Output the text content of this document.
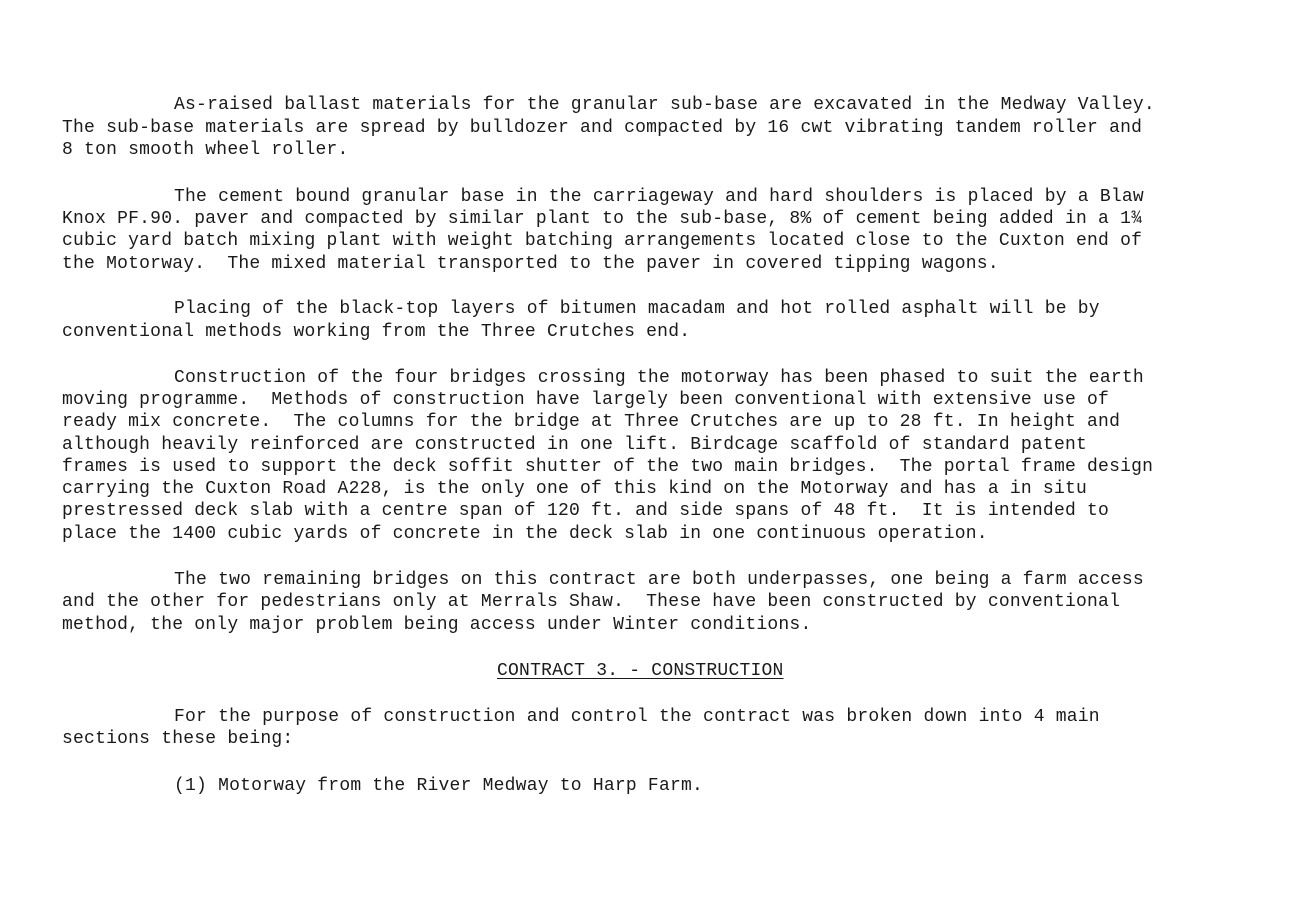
As-raised ballast materials for the granular sub-base are excavated in the Medway Valley.
The sub-base materials are spread by bulldozer and compacted by 16 cwt vibrating tandem roller and
8 ton smooth wheel roller.
The cement bound granular base in the carriageway and hard shoulders is placed by a Blaw
Knox PF.90. paver and compacted by similar plant to the sub-base, 8% of cement being added in a 1¾
cubic yard batch mixing plant with weight batching arrangements located close to the Cuxton end of
the Motorway.  The mixed material transported to the paver in covered tipping wagons.
Placing of the black-top layers of bitumen macadam and hot rolled asphalt will be by
conventional methods working from the Three Crutches end.
Construction of the four bridges crossing the motorway has been phased to suit the earth
moving programme.  Methods of construction have largely been conventional with extensive use of
ready mix concrete.  The columns for the bridge at Three Crutches are up to 28 ft. In height and
although heavily reinforced are constructed in one lift. Birdcage scaffold of standard patent
frames is used to support the deck soffit shutter of the two main bridges.  The portal frame design
carrying the Cuxton Road A228, is the only one of this kind on the Motorway and has a in situ
prestressed deck slab with a centre span of 120 ft. and side spans of 48 ft.  It is intended to
place the 1400 cubic yards of concrete in the deck slab in one continuous operation.
The two remaining bridges on this contract are both underpasses, one being a farm access
and the other for pedestrians only at Merrals Shaw.  These have been constructed by conventional
method, the only major problem being access under Winter conditions.
CONTRACT 3. - CONSTRUCTION
For the purpose of construction and control the contract was broken down into 4 main
sections these being:
(1) Motorway from the River Medway to Harp Farm.
